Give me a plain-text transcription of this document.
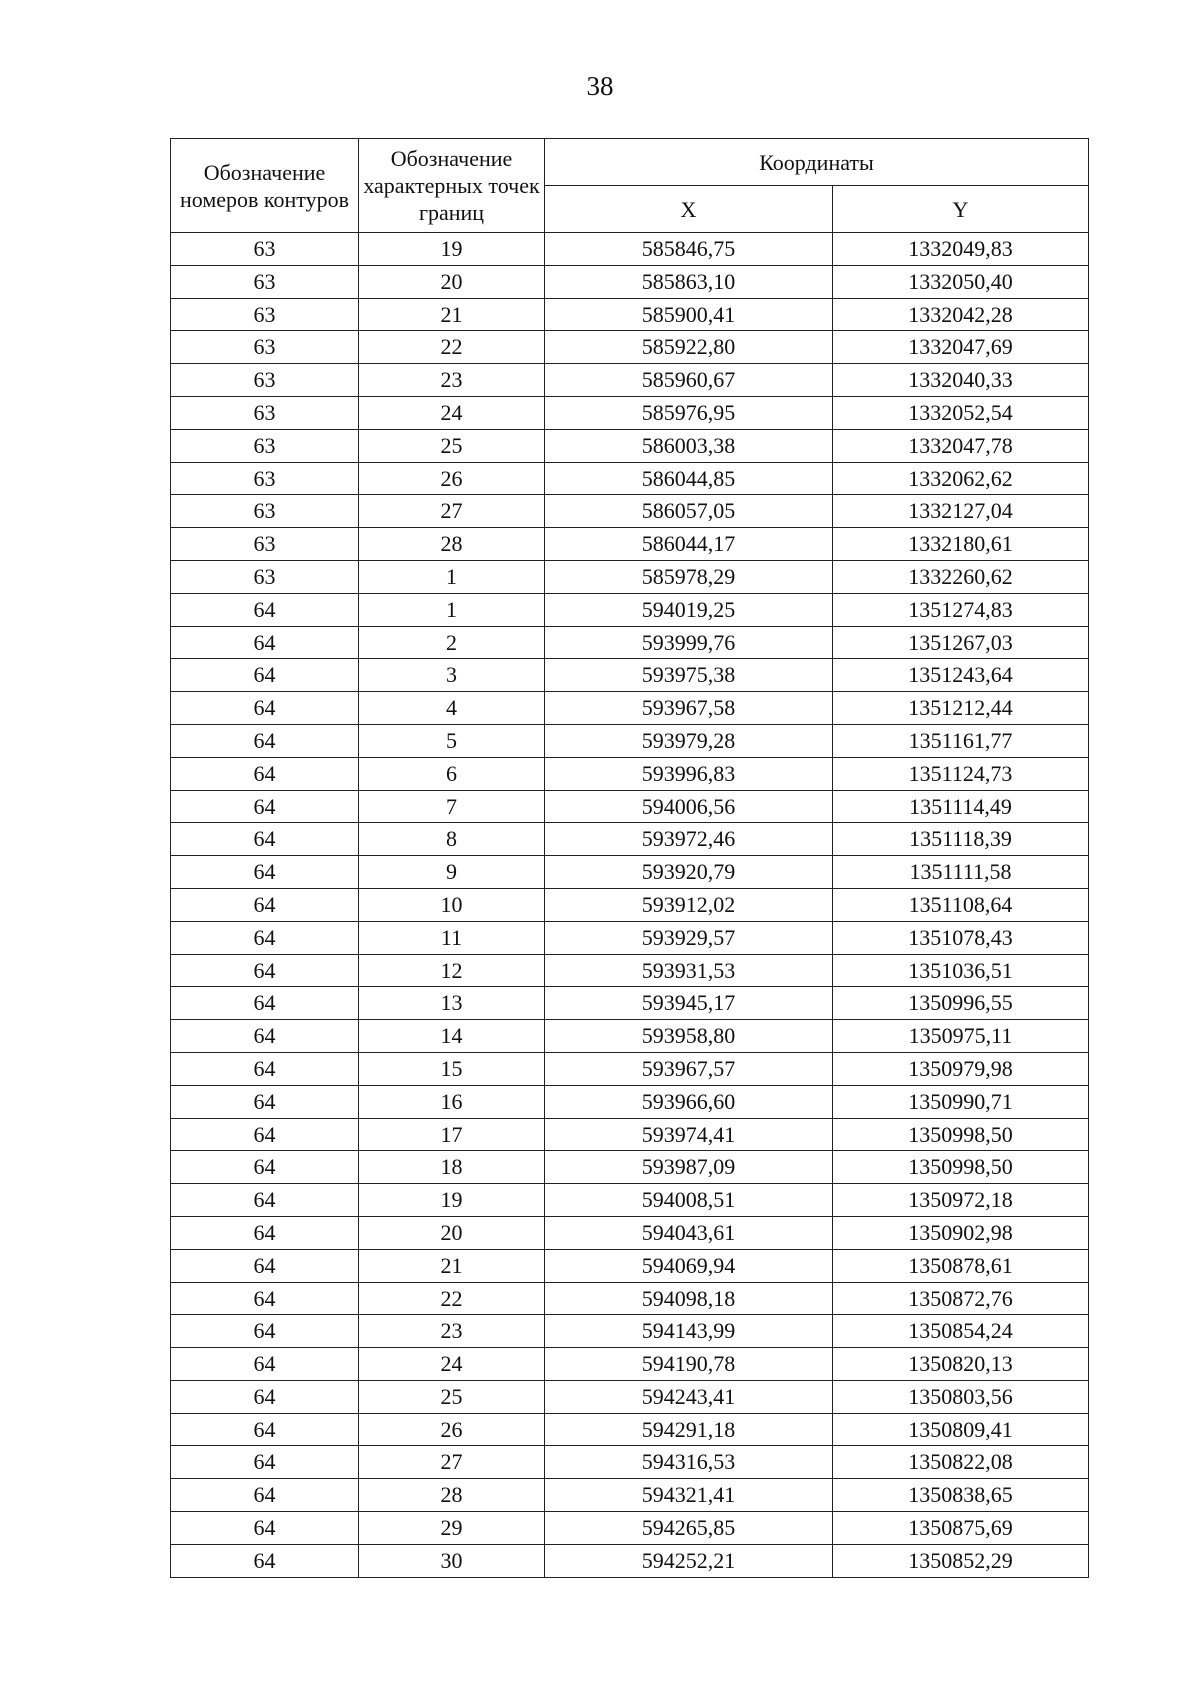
38
Обозначение номеров контуров	Обозначение характерных точек границ	Координаты	
		X	Y
63	19	585846,75	1332049,83
63	20	585863,10	1332050,40
63	21	585900,41	1332042,28
63	22	585922,80	1332047,69
63	23	585960,67	1332040,33
63	24	585976,95	1332052,54
63	25	586003,38	1332047,78
63	26	586044,85	1332062,62
63	27	586057,05	1332127,04
63	28	586044,17	1332180,61
63	1	585978,29	1332260,62
64	1	594019,25	1351274,83
64	2	593999,76	1351267,03
64	3	593975,38	1351243,64
64	4	593967,58	1351212,44
64	5	593979,28	1351161,77
64	6	593996,83	1351124,73
64	7	594006,56	1351114,49
64	8	593972,46	1351118,39
64	9	593920,79	1351111,58
64	10	593912,02	1351108,64
64	11	593929,57	1351078,43
64	12	593931,53	1351036,51
64	13	593945,17	1350996,55
64	14	593958,80	1350975,11
64	15	593967,57	1350979,98
64	16	593966,60	1350990,71
64	17	593974,41	1350998,50
64	18	593987,09	1350998,50
64	19	594008,51	1350972,18
64	20	594043,61	1350902,98
64	21	594069,94	1350878,61
64	22	594098,18	1350872,76
64	23	594143,99	1350854,24
64	24	594190,78	1350820,13
64	25	594243,41	1350803,56
64	26	594291,18	1350809,41
64	27	594316,53	1350822,08
64	28	594321,41	1350838,65
64	29	594265,85	1350875,69
64	30	594252,21	1350852,29
